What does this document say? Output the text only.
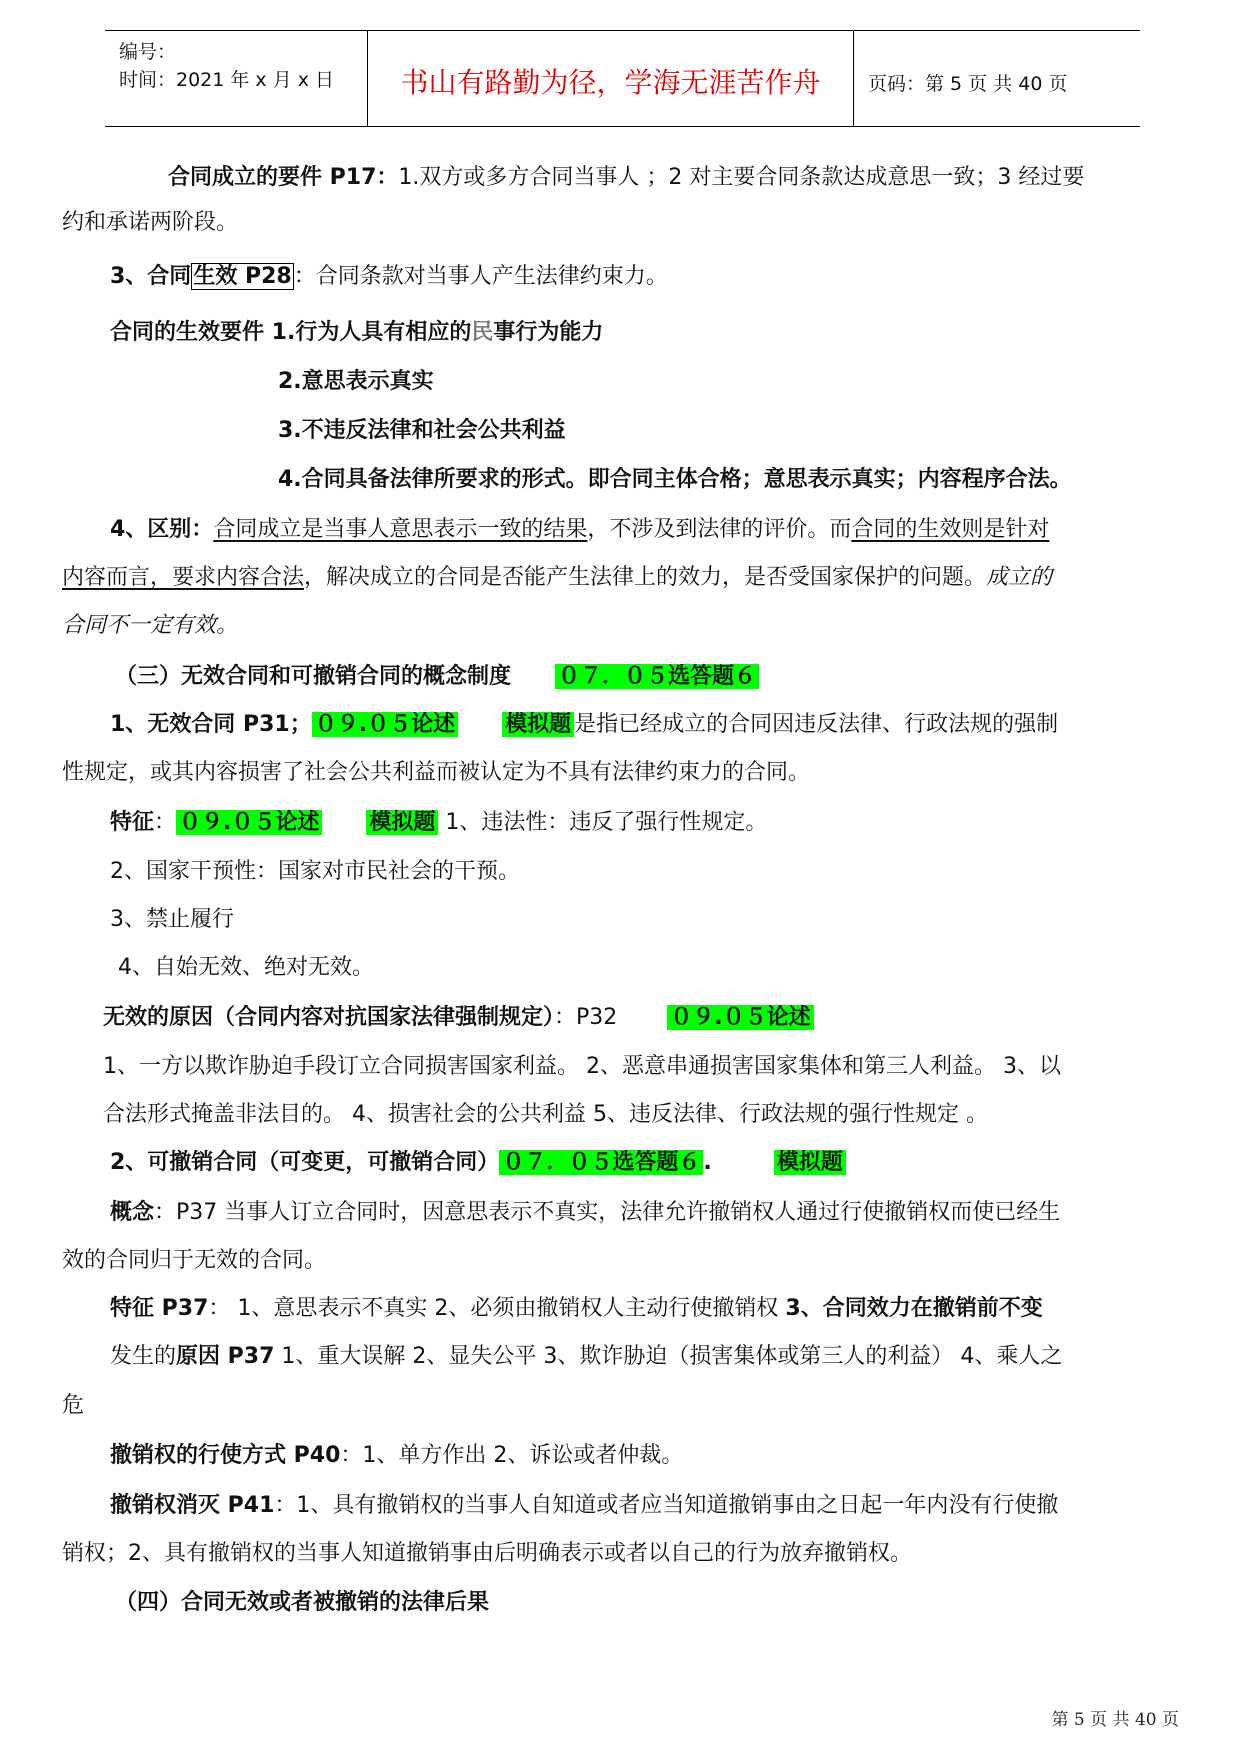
编号：
时间：2021 年 x 月 x 日	书山有路勤为径，学海无涯苦作舟	页码：第 5 页 共 40 页
合同成立的要件 P17：1.双方或多方合同当事人 ；2 对主要合同条款达成意思一致；3 经过要
约和承诺两阶段。
3、合同生效 P28：合同条款对当事人产生法律约束力。
合同的生效要件 1.行为人具有相应的民事行为能力
2.意思表示真实
3.不违反法律和社会公共利益
4.合同具备法律所要求的形式。即合同主体合格；意思表示真实；内容程序合法。
4、区别：合同成立是当事人意思表示一致的结果，不涉及到法律的评价。而合同的生效则是针对
内容而言，要求内容合法，解决成立的合同是否能产生法律上的效力，是否受国家保护的问题。成立的
合同不一定有效。
（三）无效合同和可撤销合同的概念制度 ０７．０５选答题６
1、无效合同 P31； ０９.０５论述 模拟题 是指已经成立的合同因违反法律、行政法规的强制
性规定，或其内容损害了社会公共利益而被认定为不具有法律约束力的合同。
特征： ０９.０５论述 模拟题 1、违法性：违反了强行性规定。
2、国家干预性：国家对市民社会的干预。
3、禁止履行
4、自始无效、绝对无效。
无效的原因（合同内容对抗国家法律强制规定）：P32 ０９.０５论述
1、一方以欺诈胁迫手段订立合同损害国家利益。 2、恶意串通损害国家集体和第三人利益。 3、以
合法形式掩盖非法目的。 4、损害社会的公共利益 5、违反法律、行政法规的强行性规定 。
2、可撤销合同（可变更，可撤销合同） ０７．０５选答题６ .	模拟题
概念：P37 当事人订立合同时，因意思表示不真实，法律允许撤销权人通过行使撤销权而使已经生
效的合同归于无效的合同。
特征 P37： 1、意思表示不真实 2、必须由撤销权人主动行使撤销权 3、合同效力在撤销前不变
发生的原因 P37 1、重大误解 2、显失公平 3、欺诈胁迫（损害集体或第三人的利益） 4、乘人之
危
撤销权的行使方式 P40：1、单方作出 2、诉讼或者仲裁。
撤销权消灭 P41：1、具有撤销权的当事人自知道或者应当知道撤销事由之日起一年内没有行使撤
销权；2、具有撤销权的当事人知道撤销事由后明确表示或者以自己的行为放弃撤销权。
（四）合同无效或者被撤销的法律后果
第 5 页 共 40 页
